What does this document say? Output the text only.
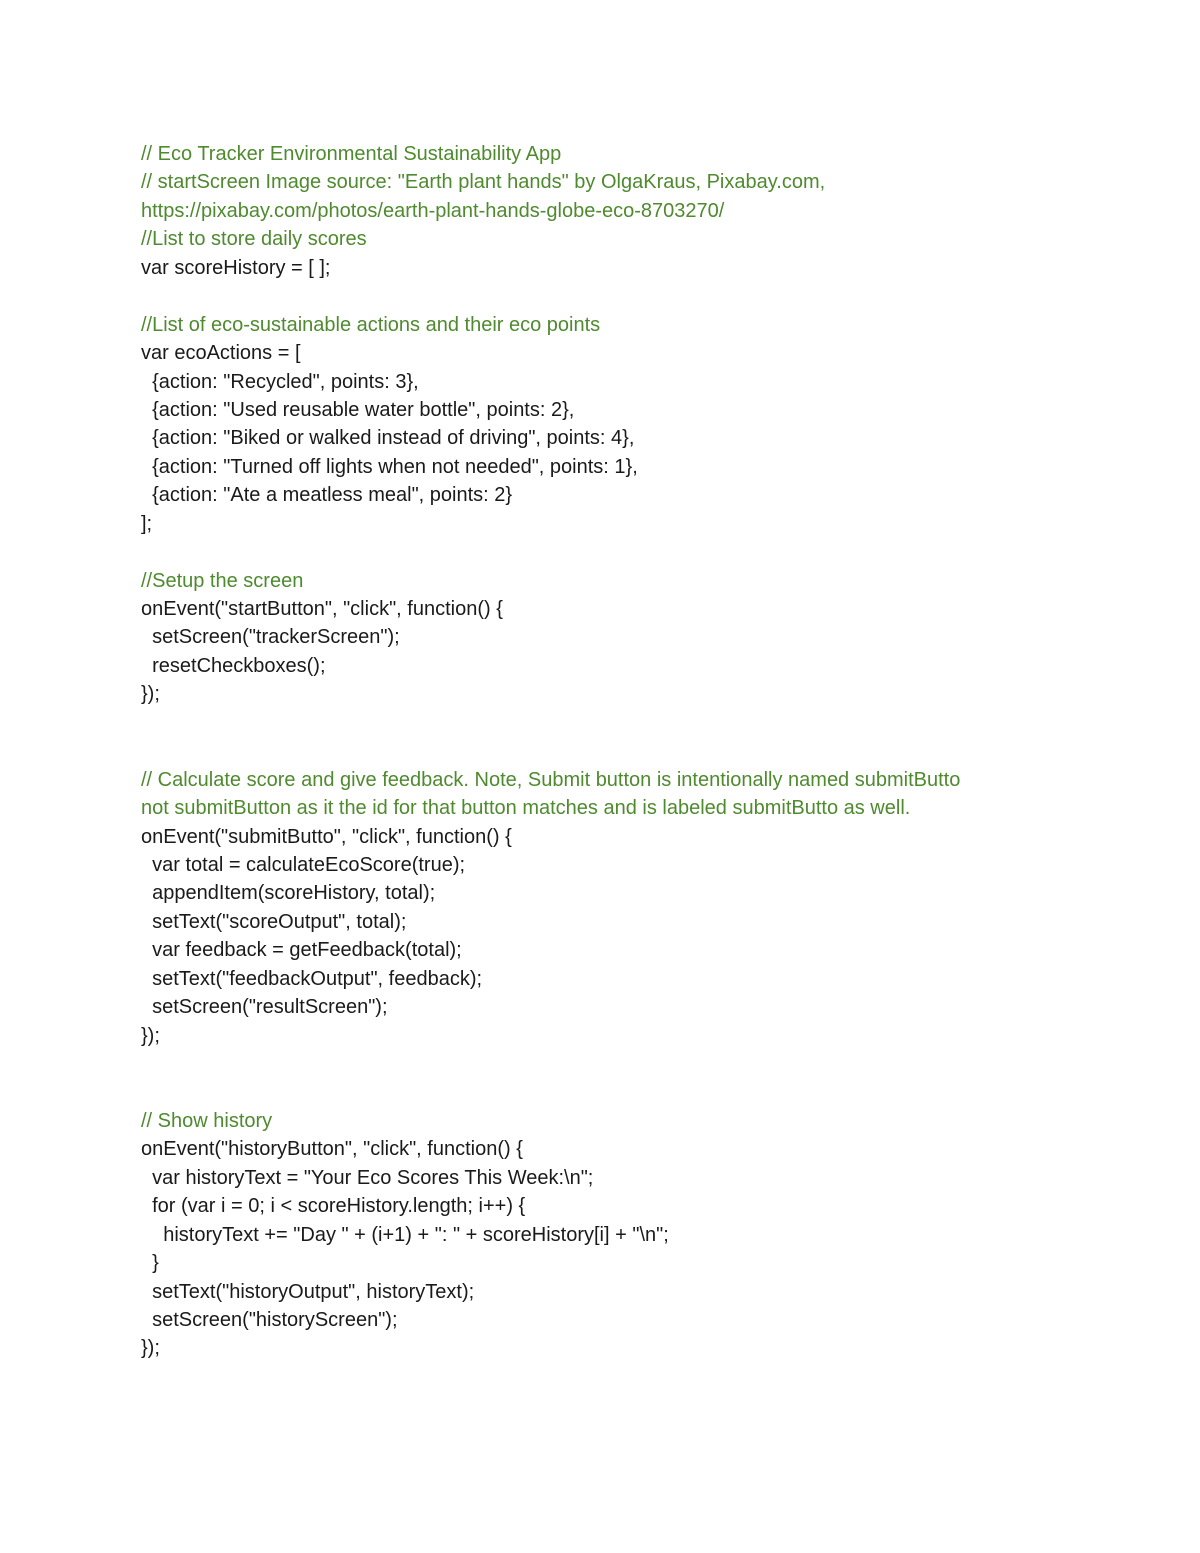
// Eco Tracker Environmental Sustainability App
// startScreen Image source: "Earth plant hands" by OlgaKraus, Pixabay.com,
https://pixabay.com/photos/earth-plant-hands-globe-eco-8703270/
//List to store daily scores
var scoreHistory = [ ];
//List of eco-sustainable actions and their eco points
var ecoActions = [
{action: "Recycled", points: 3},
{action: "Used reusable water bottle", points: 2},
{action: "Biked or walked instead of driving", points: 4},
{action: "Turned off lights when not needed", points: 1},
{action: "Ate a meatless meal", points: 2}
];
//Setup the screen
onEvent("startButton", "click", function() {
setScreen("trackerScreen");
resetCheckboxes();
});
// Calculate score and give feedback. Note, Submit button is intentionally named submitButto
not submitButton as it the id for that button matches and is labeled submitButto as well.
onEvent("submitButto", "click", function() {
var total = calculateEcoScore(true);
appendItem(scoreHistory, total);
setText("scoreOutput", total);
var feedback = getFeedback(total);
setText("feedbackOutput", feedback);
setScreen("resultScreen");
});
// Show history
onEvent("historyButton", "click", function() {
var historyText = "Your Eco Scores This Week:\n";
for (var i = 0; i < scoreHistory.length; i++) {
historyText += "Day " + (i+1) + ": " + scoreHistory[i] + "\n";
}
setText("historyOutput", historyText);
setScreen("historyScreen");
});
